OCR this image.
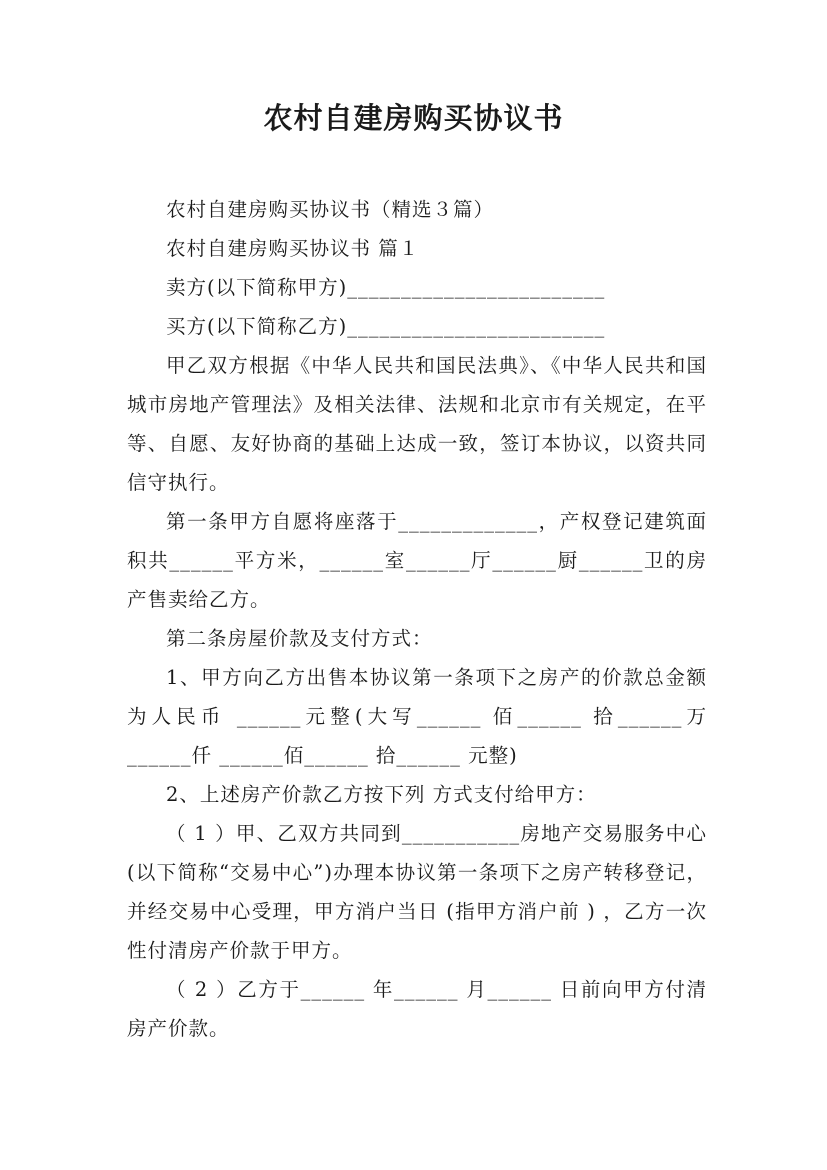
农村自建房购买协议书

农村自建房购买协议书（精选３篇）

农村自建房购买协议书 篇１

卖方(以下简称甲方)________________________

买方(以下简称乙方)________________________

甲乙双方根据《中华人民共和国民法典》、《中华人民共和国城市房地产管理法》及相关法律、法规和北京市有关规定，在平等、自愿、友好协商的基础上达成一致，签订本协议，以资共同信守执行。

第一条甲方自愿将座落于_____________，产权登记建筑面积共______平方米，______室______厅______厨______卫的房产售卖给乙方。

第二条房屋价款及支付方式：

1、甲方向乙方出售本协议第一条项下之房产的价款总金额为人民币 ______元整(大写______ 佰______ 拾______万 ______仟 ______佰______ 拾______ 元整)

2、上述房产价款乙方按下列 方式支付给甲方：

（ 1 ）甲、乙双方共同到___________房地产交易服务中心(以下简称“交易中心”)办理本协议第一条项下之房产转移登记，并经交易中心受理，甲方消户当日 (指甲方消户前 ) ，乙方一次性付清房产价款于甲方。

（ 2 ）乙方于______ 年______ 月______ 日前向甲方付清房产价款。
